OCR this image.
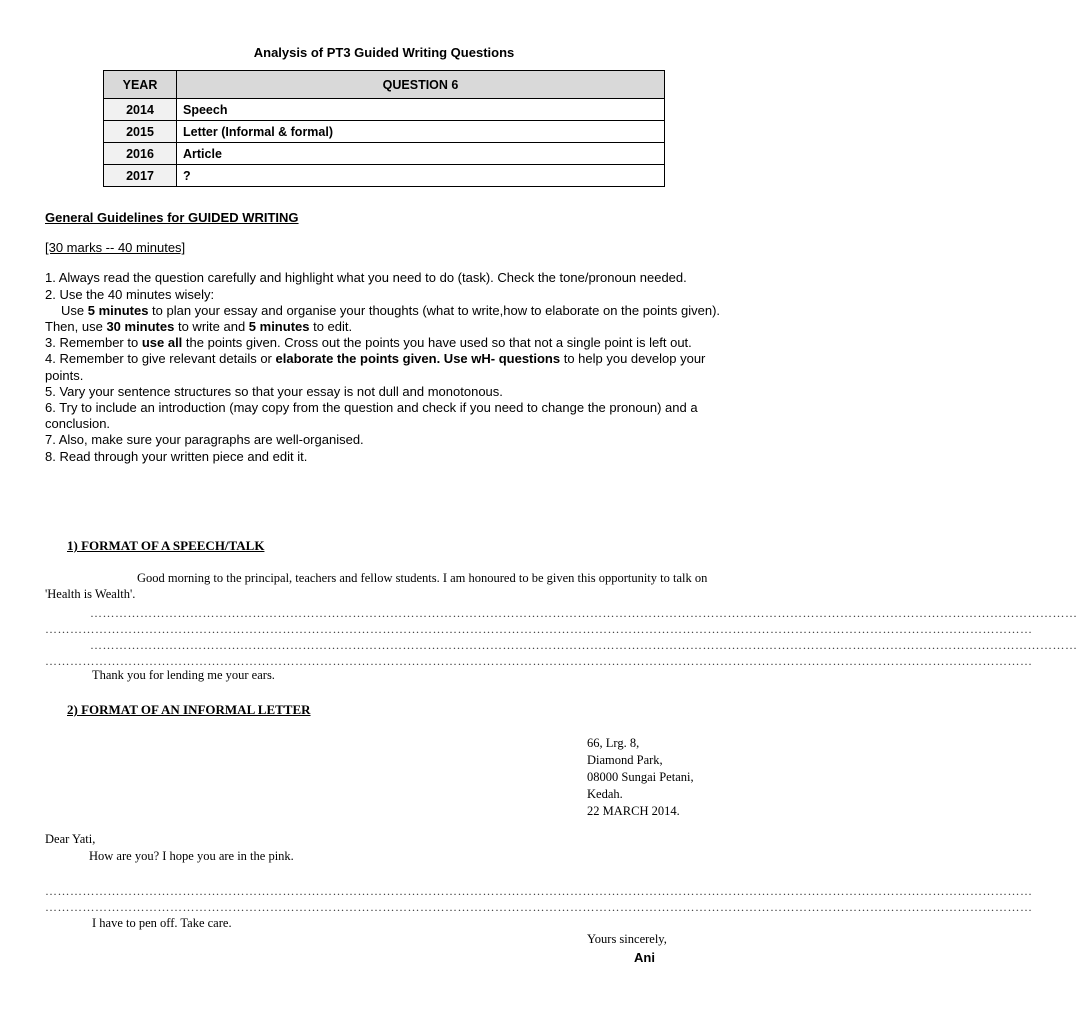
Analysis of PT3 Guided Writing Questions
YEAR	QUESTION 6
2014	Speech
2015	Letter (Informal & formal)
2016	Article
2017	?
General Guidelines for GUIDED WRITING
[30 marks -- 40 minutes]
1. Always read the question carefully and highlight what you need to do (task). Check the tone/pronoun needed.
2. Use the 40 minutes wisely:
Use 5 minutes to plan your essay and organise your thoughts (what to write,how to elaborate on the points given). Then, use 30 minutes to write and 5 minutes to edit.
3. Remember to use all the points given. Cross out the points you have used so that not a single point is left out.
4. Remember to give relevant details or elaborate the points given. Use wH- questions to help you develop your points.
5. Vary your sentence structures so that your essay is not dull and monotonous.
6. Try to include an introduction (may copy from the question and check if you need to change the pronoun) and a conclusion.
7. Also, make sure your paragraphs are well-organised.
8. Read through your written piece and edit it.
1) FORMAT OF A SPEECH/TALK
Good morning to the principal, teachers and fellow students. I am honoured to be given this opportunity to talk on 'Health is Wealth'.
…………………………………………………………………………………………………………………………………………………………………………………………………………………
…………………………………………………………………………………………………………………………………………………………………………………………………………………
…………………………………………………………………………………………………………………………………………………………………………………………………………………
…………………………………………………………………………………………………………………………………………………………………………………………………………………
Thank you for lending me your ears.
2) FORMAT OF AN INFORMAL LETTER
66, Lrg. 8,
Diamond Park,
08000 Sungai Petani,
Kedah.
22 MARCH 2014.
Dear Yati,
How are you? I hope you are in the pink.
…………………………………………………………………………………………………………………………………………………………………………………………………………………
…………………………………………………………………………………………………………………………………………………………………………………………………………………
I have to pen off. Take care.
Yours sincerely,
Ani
